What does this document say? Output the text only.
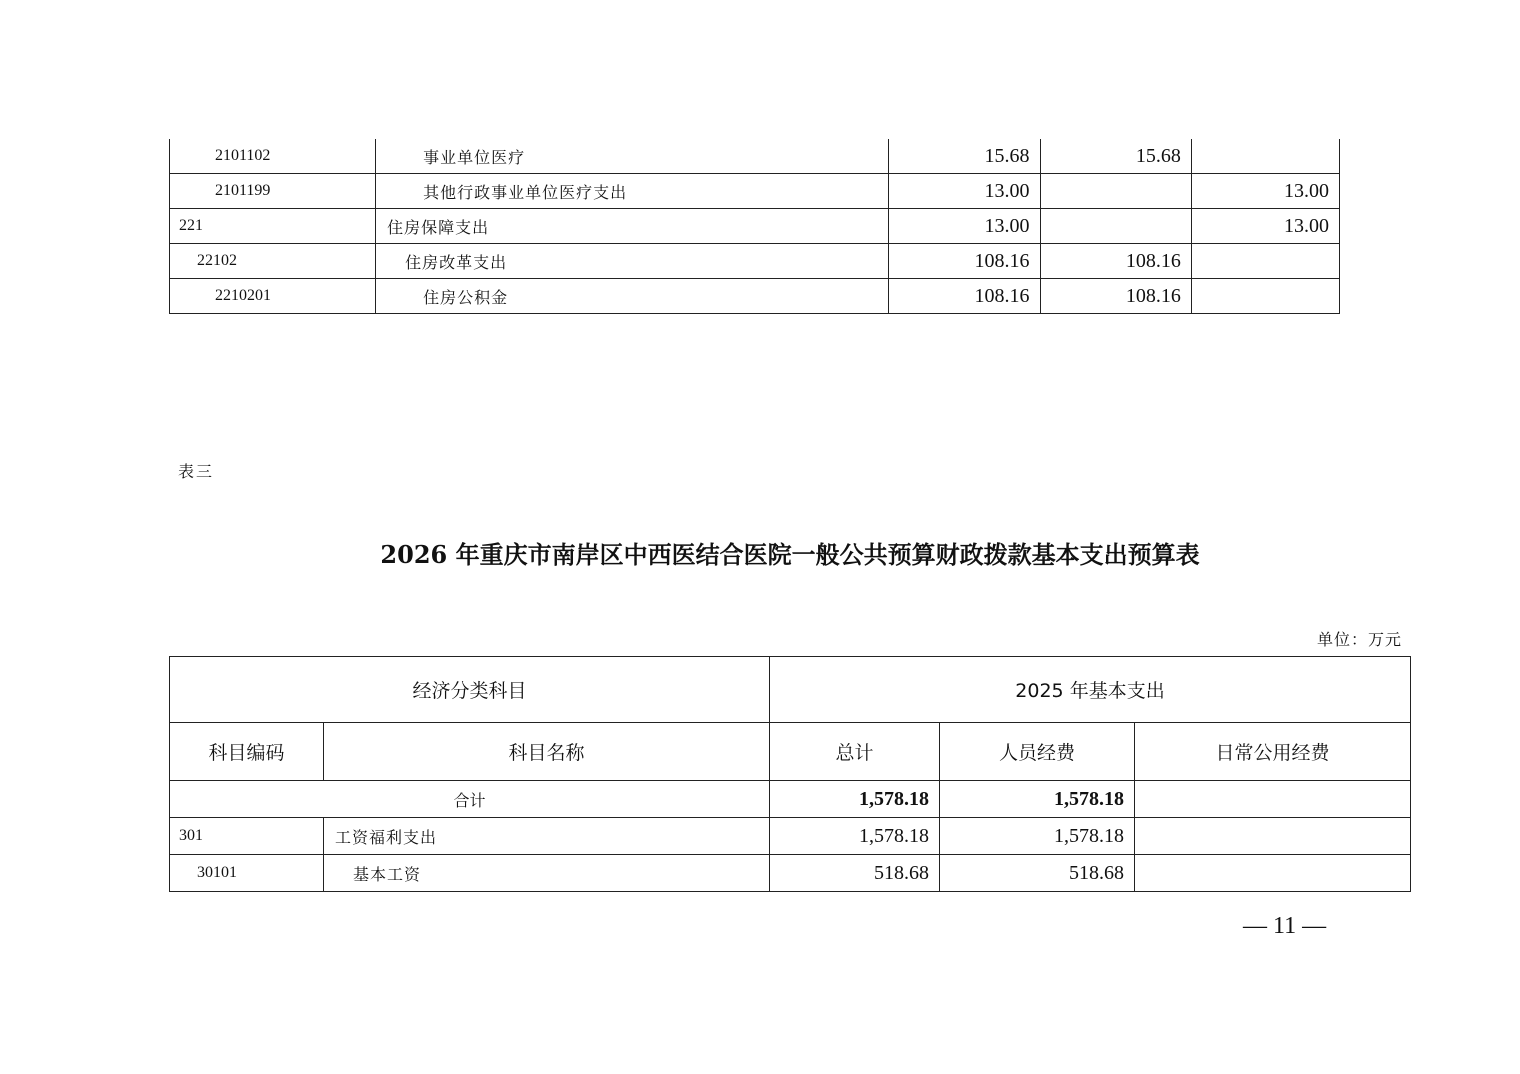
2101102	事业单位医疗	15.68	15.68	
2101199	其他行政事业单位医疗支出	13.00		13.00
221	住房保障支出	13.00		13.00
22102	住房改革支出	108.16	108.16	
2210201	住房公积金	108.16	108.16	
表三
2026 年重庆市南岸区中西医结合医院一般公共预算财政拨款基本支出预算表
单位：万元
经济分类科目		2025 年基本支出		
科目编码	科目名称	总计	人员经费	日常公用经费
合计		1,578.18	1,578.18	
301	工资福利支出	1,578.18	1,578.18	
30101	基本工资	518.68	518.68	
— 11 —
